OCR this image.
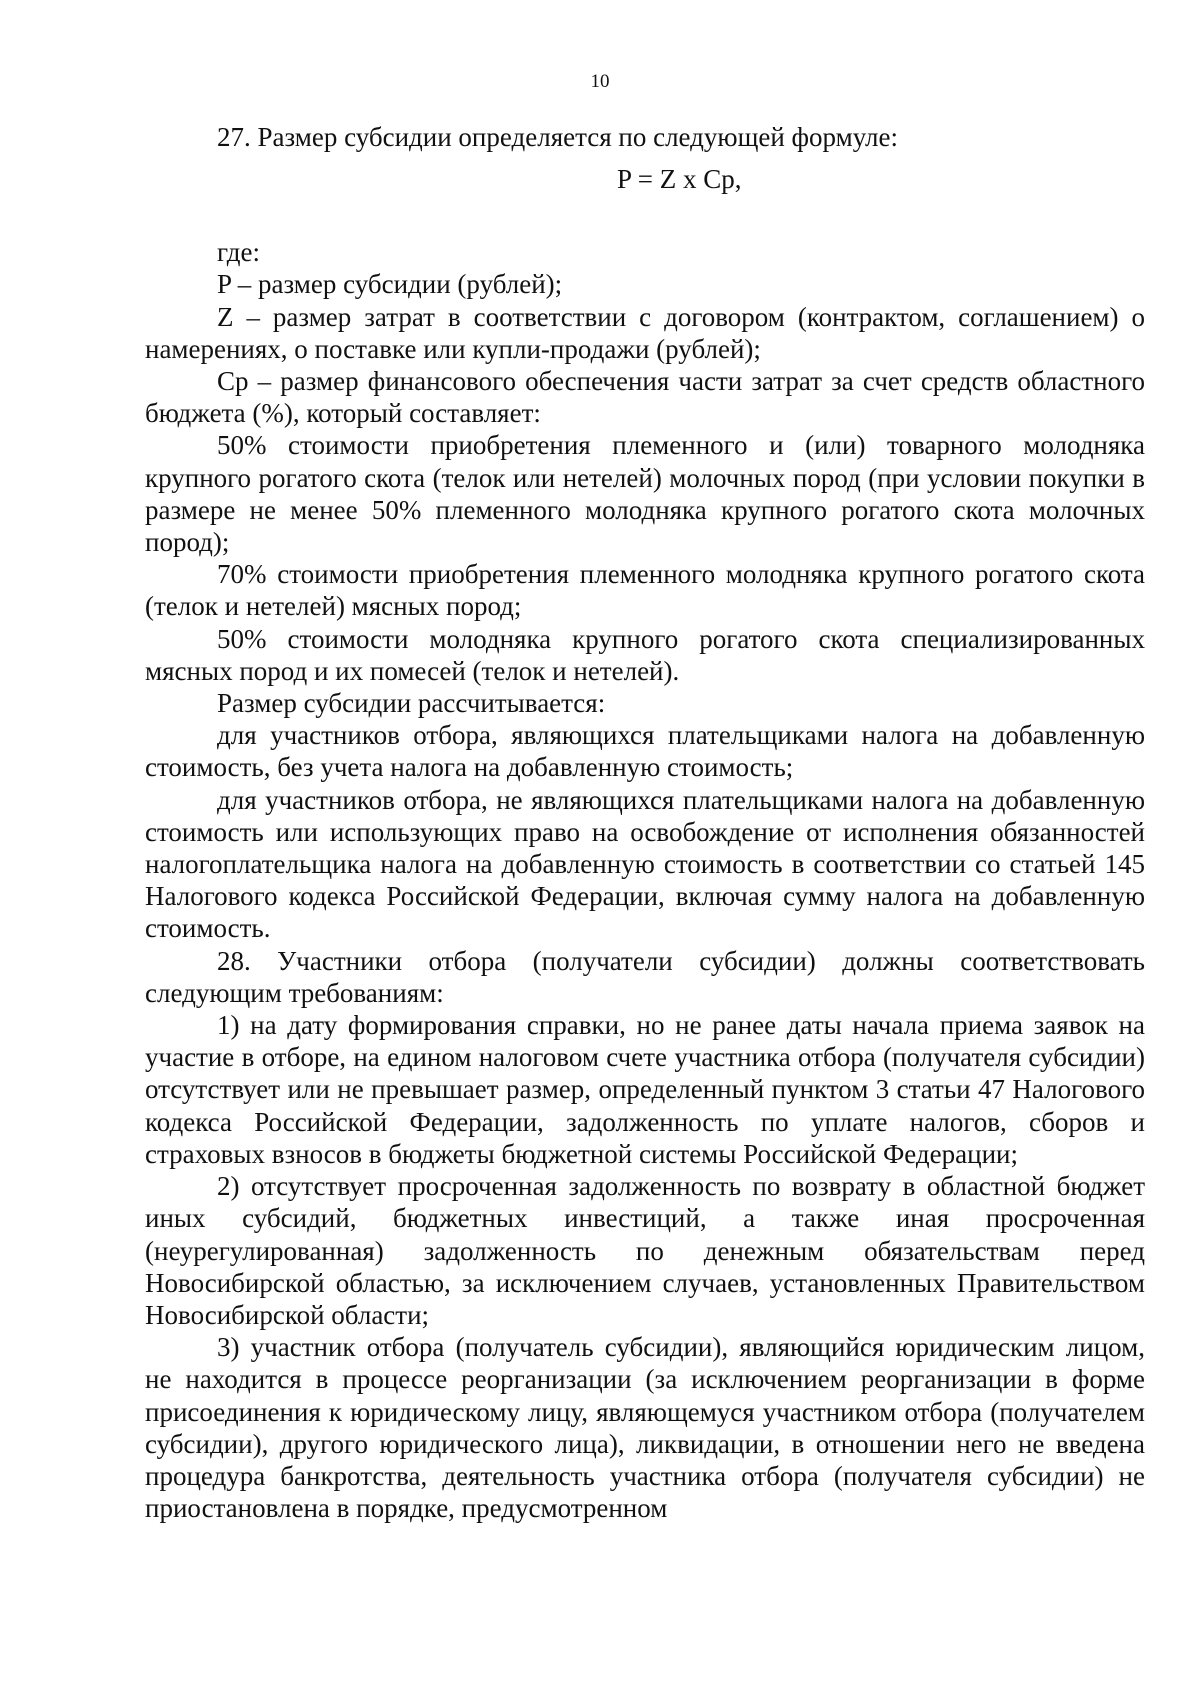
10

27. Размер субсидии определяется по следующей формуле:

P = Z x Cp,

где:

P – размер субсидии (рублей);

Z – размер затрат в соответствии с договором (контрактом, соглашением) о намерениях, о поставке или купли-продажи (рублей);

Cp – размер финансового обеспечения части затрат за счет средств областного бюджета (%), который составляет:

50% стоимости приобретения племенного и (или) товарного молодняка крупного рогатого скота (телок или нетелей) молочных пород (при условии покупки в размере не менее 50% племенного молодняка крупного рогатого скота молочных пород);

70% стоимости приобретения племенного молодняка крупного рогатого скота (телок и нетелей) мясных пород;

50% стоимости молодняка крупного рогатого скота специализированных мясных пород и их помесей (телок и нетелей).

Размер субсидии рассчитывается:

для участников отбора, являющихся плательщиками налога на добавленную стоимость, без учета налога на добавленную стоимость;

для участников отбора, не являющихся плательщиками налога на добавленную стоимость или использующих право на освобождение от исполнения обязанностей налогоплательщика налога на добавленную стоимость в соответствии со статьей 145 Налогового кодекса Российской Федерации, включая сумму налога на добавленную стоимость.

28. Участники отбора (получатели субсидии) должны соответствовать следующим требованиям:

1) на дату формирования справки, но не ранее даты начала приема заявок на участие в отборе, на едином налоговом счете участника отбора (получателя субсидии) отсутствует или не превышает размер, определенный пунктом 3 статьи 47 Налогового кодекса Российской Федерации, задолженность по уплате налогов, сборов и страховых взносов в бюджеты бюджетной системы Российской Федерации;

2) отсутствует просроченная задолженность по возврату в областной бюджет иных субсидий, бюджетных инвестиций, а также иная просроченная (неурегулированная) задолженность по денежным обязательствам перед Новосибирской областью, за исключением случаев, установленных Правительством Новосибирской области;

3) участник отбора (получатель субсидии), являющийся юридическим лицом, не находится в процессе реорганизации (за исключением реорганизации в форме присоединения к юридическому лицу, являющемуся участником отбора (получателем субсидии), другого юридического лица), ликвидации, в отношении него не введена процедура банкротства, деятельность участника отбора (получателя субсидии) не приостановлена в порядке, предусмотренном
